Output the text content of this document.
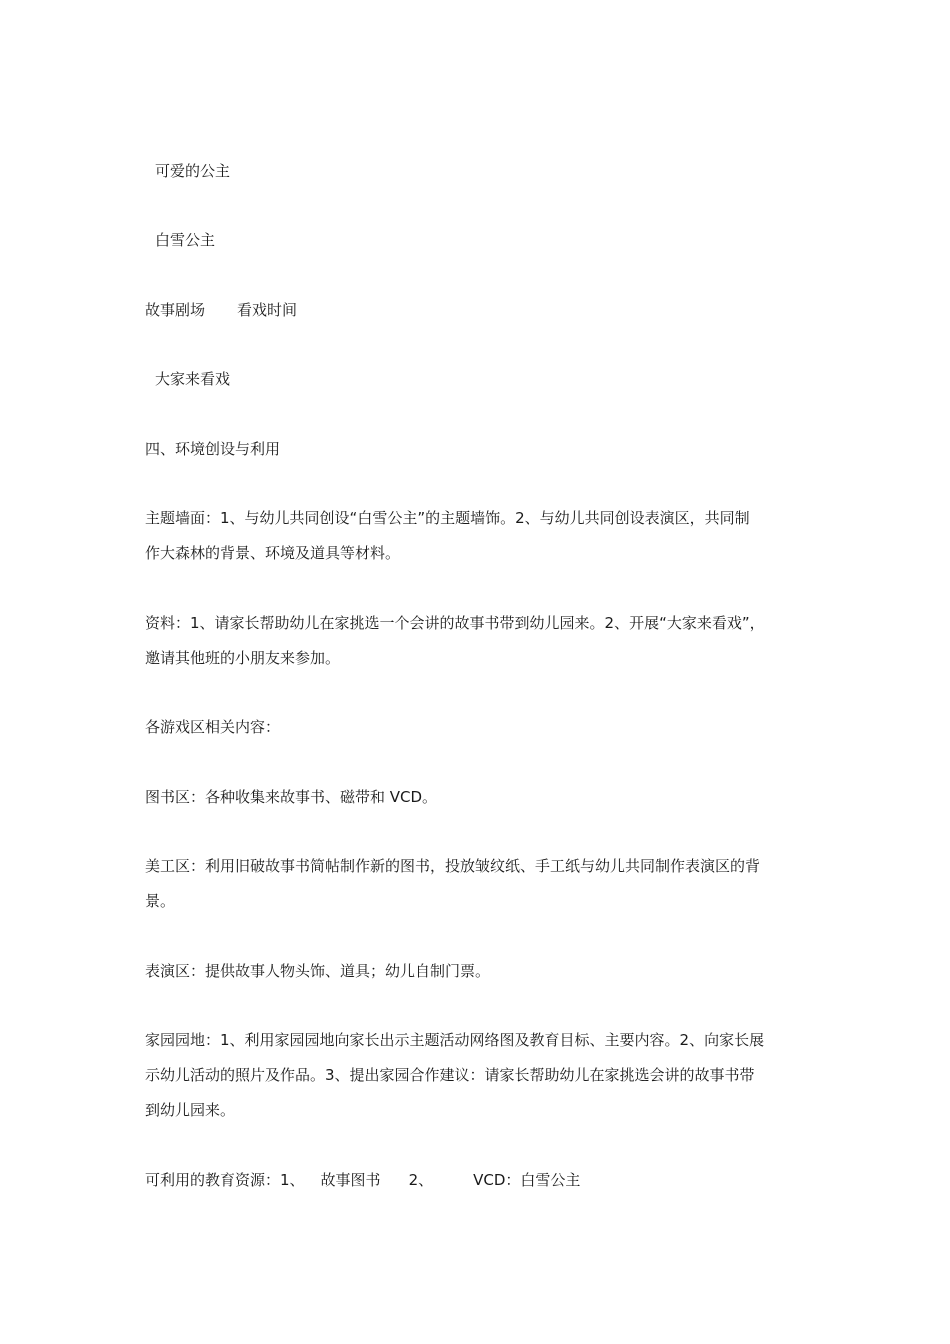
可爱的公主
白雪公主
故事剧场 看戏时间
大家来看戏
四、环境创设与利用
主题墙面：1、与幼儿共同创设“白雪公主”的主题墙饰。2、与幼儿共同创设表演区，共同制
作大森林的背景、环境及道具等材料。
资料：1、请家长帮助幼儿在家挑选一个会讲的故事书带到幼儿园来。2、开展“大家来看戏”，
邀请其他班的小朋友来参加。
各游戏区相关内容：
图书区：各种收集来故事书、磁带和 VCD。
美工区：利用旧破故事书简帖制作新的图书，投放皱纹纸、手工纸与幼儿共同制作表演区的背
景。
表演区：提供故事人物头饰、道具；幼儿自制门票。
家园园地：1、利用家园园地向家长出示主题活动网络图及教育目标、主要内容。2、向家长展
示幼儿活动的照片及作品。3、提出家园合作建议：请家长帮助幼儿在家挑选会讲的故事书带
到幼儿园来。
可利用的教育资源：1、 故事图书 2、	VCD：白雪公主
